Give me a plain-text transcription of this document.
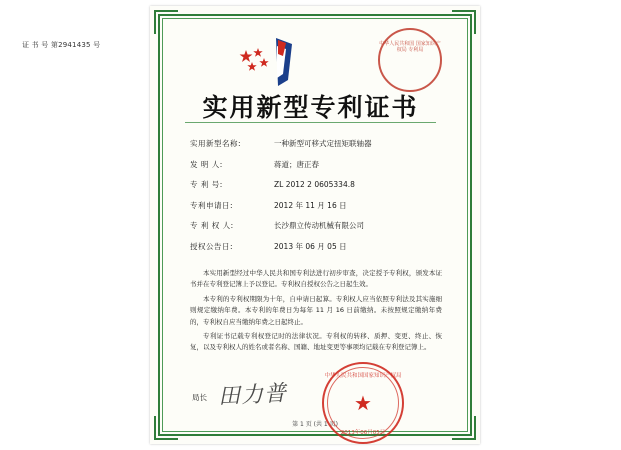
第 1 页 (共 1 页)
证 书 号 第2941435 号	中华人民共和国 国家知识产权局 专利局
实用新型专利证书
实用新型名称:	一种新型可移式定扭矩联轴器
发 明 人:	蒋道；唐正春
专 利 号:	ZL 2012 2 0605334.8
专利申请日:	2012 年 11 月 16 日
专 利 权 人:	长沙鼎立传动机械有限公司
授权公告日:	2013 年 06 月 05 日

本实用新型经过中华人民共和国专利法进行初步审查，决定授予专利权，颁发本证书并在专利登记簿上予以登记。专利权自授权公告之日起生效。

本专利的专利权期限为十年，自申请日起算。专利权人应当依照专利法及其实施细则规定缴纳年费。本专利的年费日为每年 11 月 16 日前缴纳。未按照规定缴纳年费的，专利权自应当缴纳年费之日起终止。

专利证书记载专利权登记时的法律状况。专利权的转移、质押、变更、终止、恢复，以及专利权人的姓名或者名称、国籍、地址变更等事项均记载在专利登记簿上。

局长 田力普
中华人民共和国国家知识产权局
★
2013年06月05日
